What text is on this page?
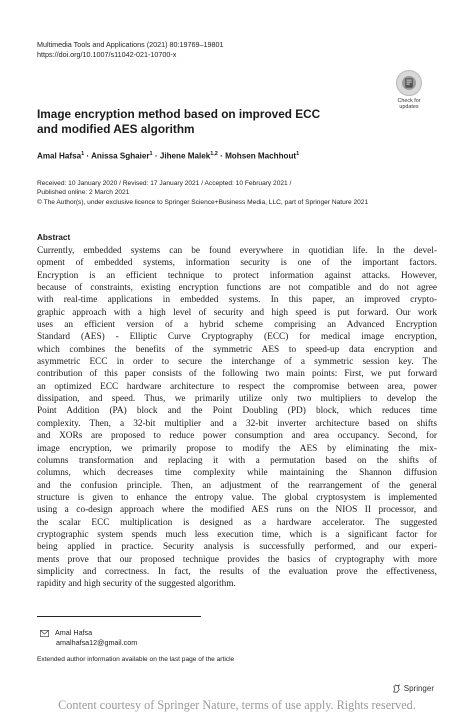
Multimedia Tools and Applications (2021) 80:19769–19801
https://doi.org/10.1007/s11042-021-10700-x
Check for
updates
Image encryption method based on improved ECC
and modified AES algorithm
Amal Hafsa$^1$ · Anissa Sghaier$^1$ · Jihene Malek$^{1,2}$ · Mohsen Machhout$^1$
Received: 10 January 2020 / Revised: 17 January 2021 / Accepted: 10 February 2021 /
Published online: 2 March 2021
© The Author(s), under exclusive licence to Springer Science+Business Media, LLC, part of Springer Nature 2021
Abstract
Currently, embedded systems can be found everywhere in quotidian life. In the devel-
opment of embedded systems, information security is one of the important factors.
Encryption is an efficient technique to protect information against attacks. However,
because of constraints, existing encryption functions are not compatible and do not agree
with real-time applications in embedded systems. In this paper, an improved crypto-
graphic approach with a high level of security and high speed is put forward. Our work
uses an efficient version of a hybrid scheme comprising an Advanced Encryption
Standard (AES) - Elliptic Curve Cryptography (ECC) for medical image encryption,
which combines the benefits of the symmetric AES to speed-up data encryption and
asymmetric ECC in order to secure the interchange of a symmetric session key. The
contribution of this paper consists of the following two main points: First, we put forward
an optimized ECC hardware architecture to respect the compromise between area, power
dissipation, and speed. Thus, we primarily utilize only two multipliers to develop the
Point Addition (PA) block and the Point Doubling (PD) block, which reduces time
complexity. Then, a 32-bit multiplier and a 32-bit inverter architecture based on shifts
and XORs are proposed to reduce power consumption and area occupancy. Second, for
image encryption, we primarily propose to modify the AES by eliminating the mix-
columns transformation and replacing it with a permutation based on the shifts of
columns, which decreases time complexity while maintaining the Shannon diffusion
and the confusion principle. Then, an adjustment of the rearrangement of the general
structure is given to enhance the entropy value. The global cryptosystem is implemented
using a co-design approach where the modified AES runs on the NIOS II processor, and
the scalar ECC multiplication is designed as a hardware accelerator. The suggested
cryptographic system spends much less execution time, which is a significant factor for
being applied in practice. Security analysis is successfully performed, and our experi-
ments prove that our proposed technique provides the basics of cryptography with more
simplicity and correctness. In fact, the results of the evaluation prove the effectiveness,
rapidity and high security of the suggested algorithm.
Amal Hafsa
amalhafsa12@gmail.com
Extended author information available on the last page of the article
Springer
Content courtesy of Springer Nature, terms of use apply. Rights reserved.
